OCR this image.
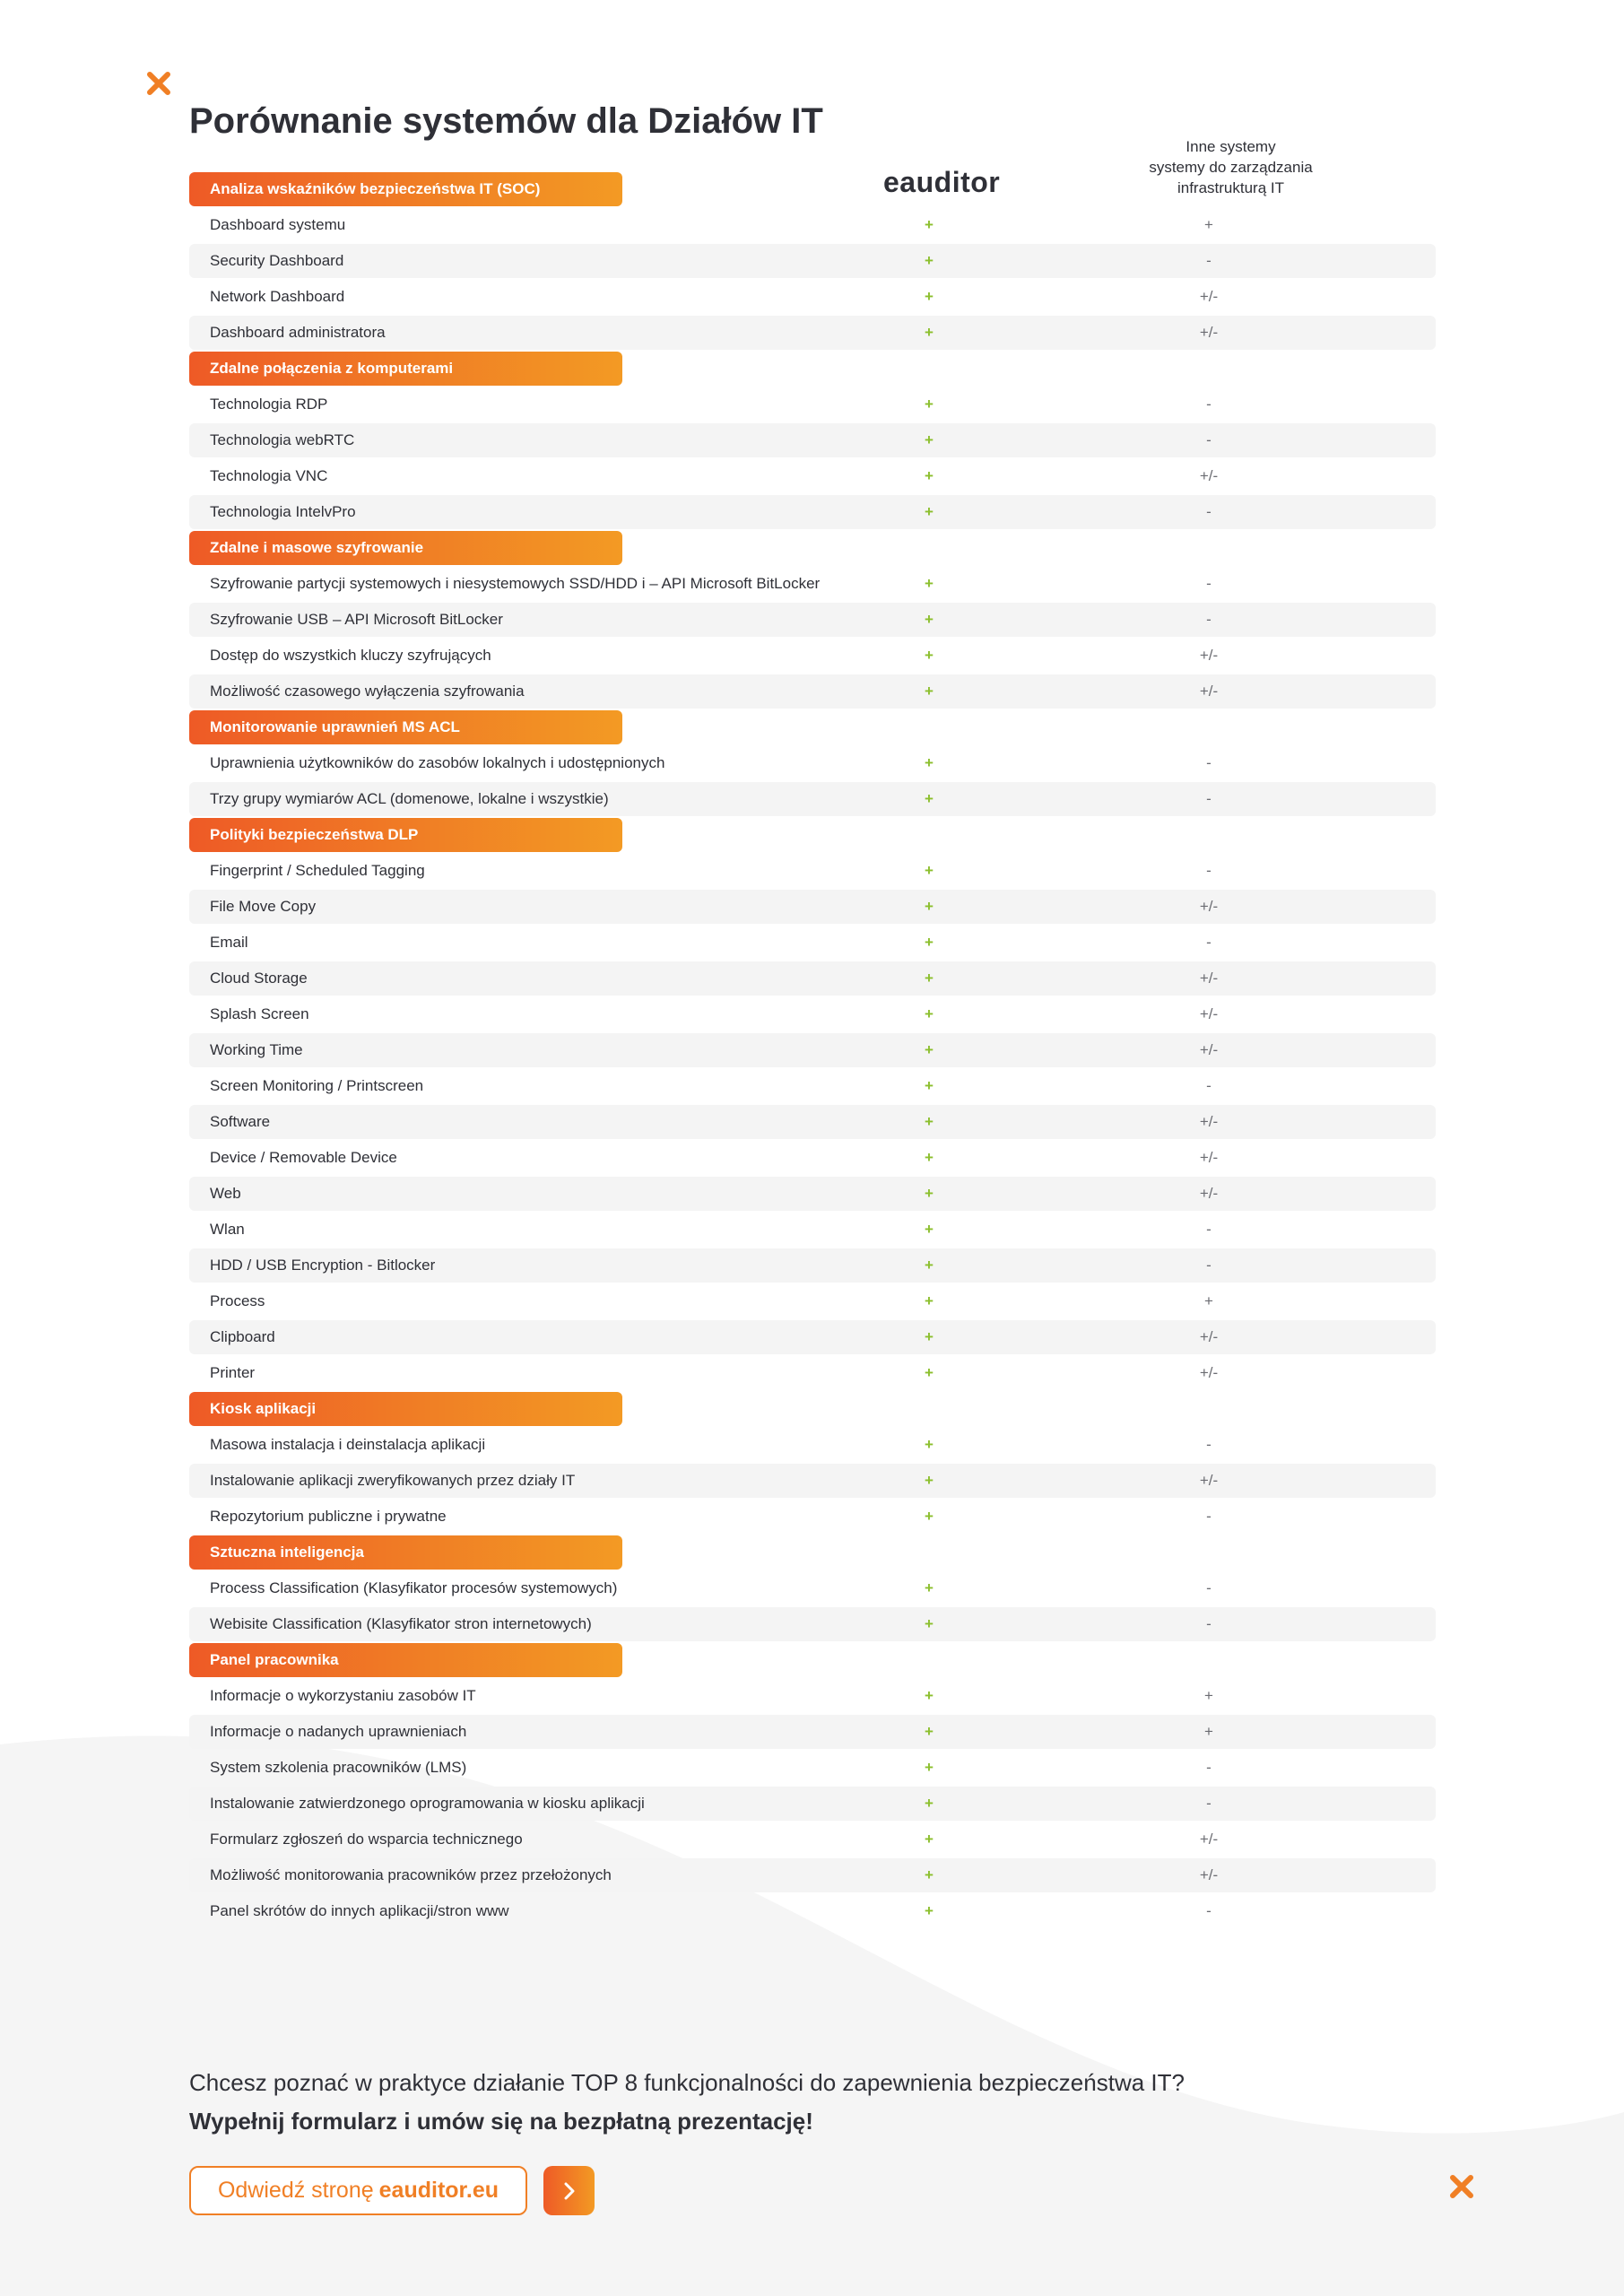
Porównanie systemów dla Działów IT
eauditor
Inne systemy
systemy do zarządzania
infrastrukturą IT
Analiza wskaźników bezpieczeństwa IT (SOC)
Dashboard systemu	+	+
Security Dashboard	+	-
Network Dashboard	+	+/-
Dashboard administratora	+	+/-
Zdalne połączenia z komputerami
Technologia RDP	+	-
Technologia webRTC	+	-
Technologia VNC	+	+/-
Technologia IntelvPro	+	-
Zdalne i masowe szyfrowanie
Szyfrowanie partycji systemowych i niesystemowych SSD/HDD i – API Microsoft BitLocker	+	-
Szyfrowanie USB – API Microsoft BitLocker	+	-
Dostęp do wszystkich kluczy szyfrujących	+	+/-
Możliwość czasowego wyłączenia szyfrowania	+	+/-
Monitorowanie uprawnień MS ACL
Uprawnienia użytkowników do zasobów lokalnych i udostępnionych	+	-
Trzy grupy wymiarów ACL (domenowe, lokalne i wszystkie)	+	-
Polityki bezpieczeństwa DLP
Fingerprint / Scheduled Tagging	+	-
File Move Copy	+	+/-
Email	+	-
Cloud Storage	+	+/-
Splash Screen	+	+/-
Working Time	+	+/-
Screen Monitoring / Printscreen	+	-
Software	+	+/-
Device / Removable Device	+	+/-
Web	+	+/-
Wlan	+	-
HDD / USB Encryption - Bitlocker	+	-
Process	+	+
Clipboard	+	+/-
Printer	+	+/-
Kiosk aplikacji
Masowa instalacja i deinstalacja aplikacji	+	-
Instalowanie aplikacji zweryfikowanych przez działy IT	+	+/-
Repozytorium publiczne i prywatne	+	-
Sztuczna inteligencja
Process Classification (Klasyfikator procesów systemowych)	+	-
Webisite Classification (Klasyfikator stron internetowych)	+	-
Panel pracownika
Informacje o wykorzystaniu zasobów IT	+	+
Informacje o nadanych uprawnieniach	+	+
System szkolenia pracowników (LMS)	+	-
Instalowanie zatwierdzonego oprogramowania w kiosku aplikacji	+	-
Formularz zgłoszeń do wsparcia technicznego	+	+/-
Możliwość monitorowania pracowników przez przełożonych	+	+/-
Panel skrótów do innych aplikacji/stron www	+	-

Chcesz poznać w praktyce działanie TOP 8 funkcjonalności do zapewnienia bezpieczeństwa IT?

Wypełnij formularz i umów się na bezpłatną prezentację!

Odwiedź stronę eauditor.eu
